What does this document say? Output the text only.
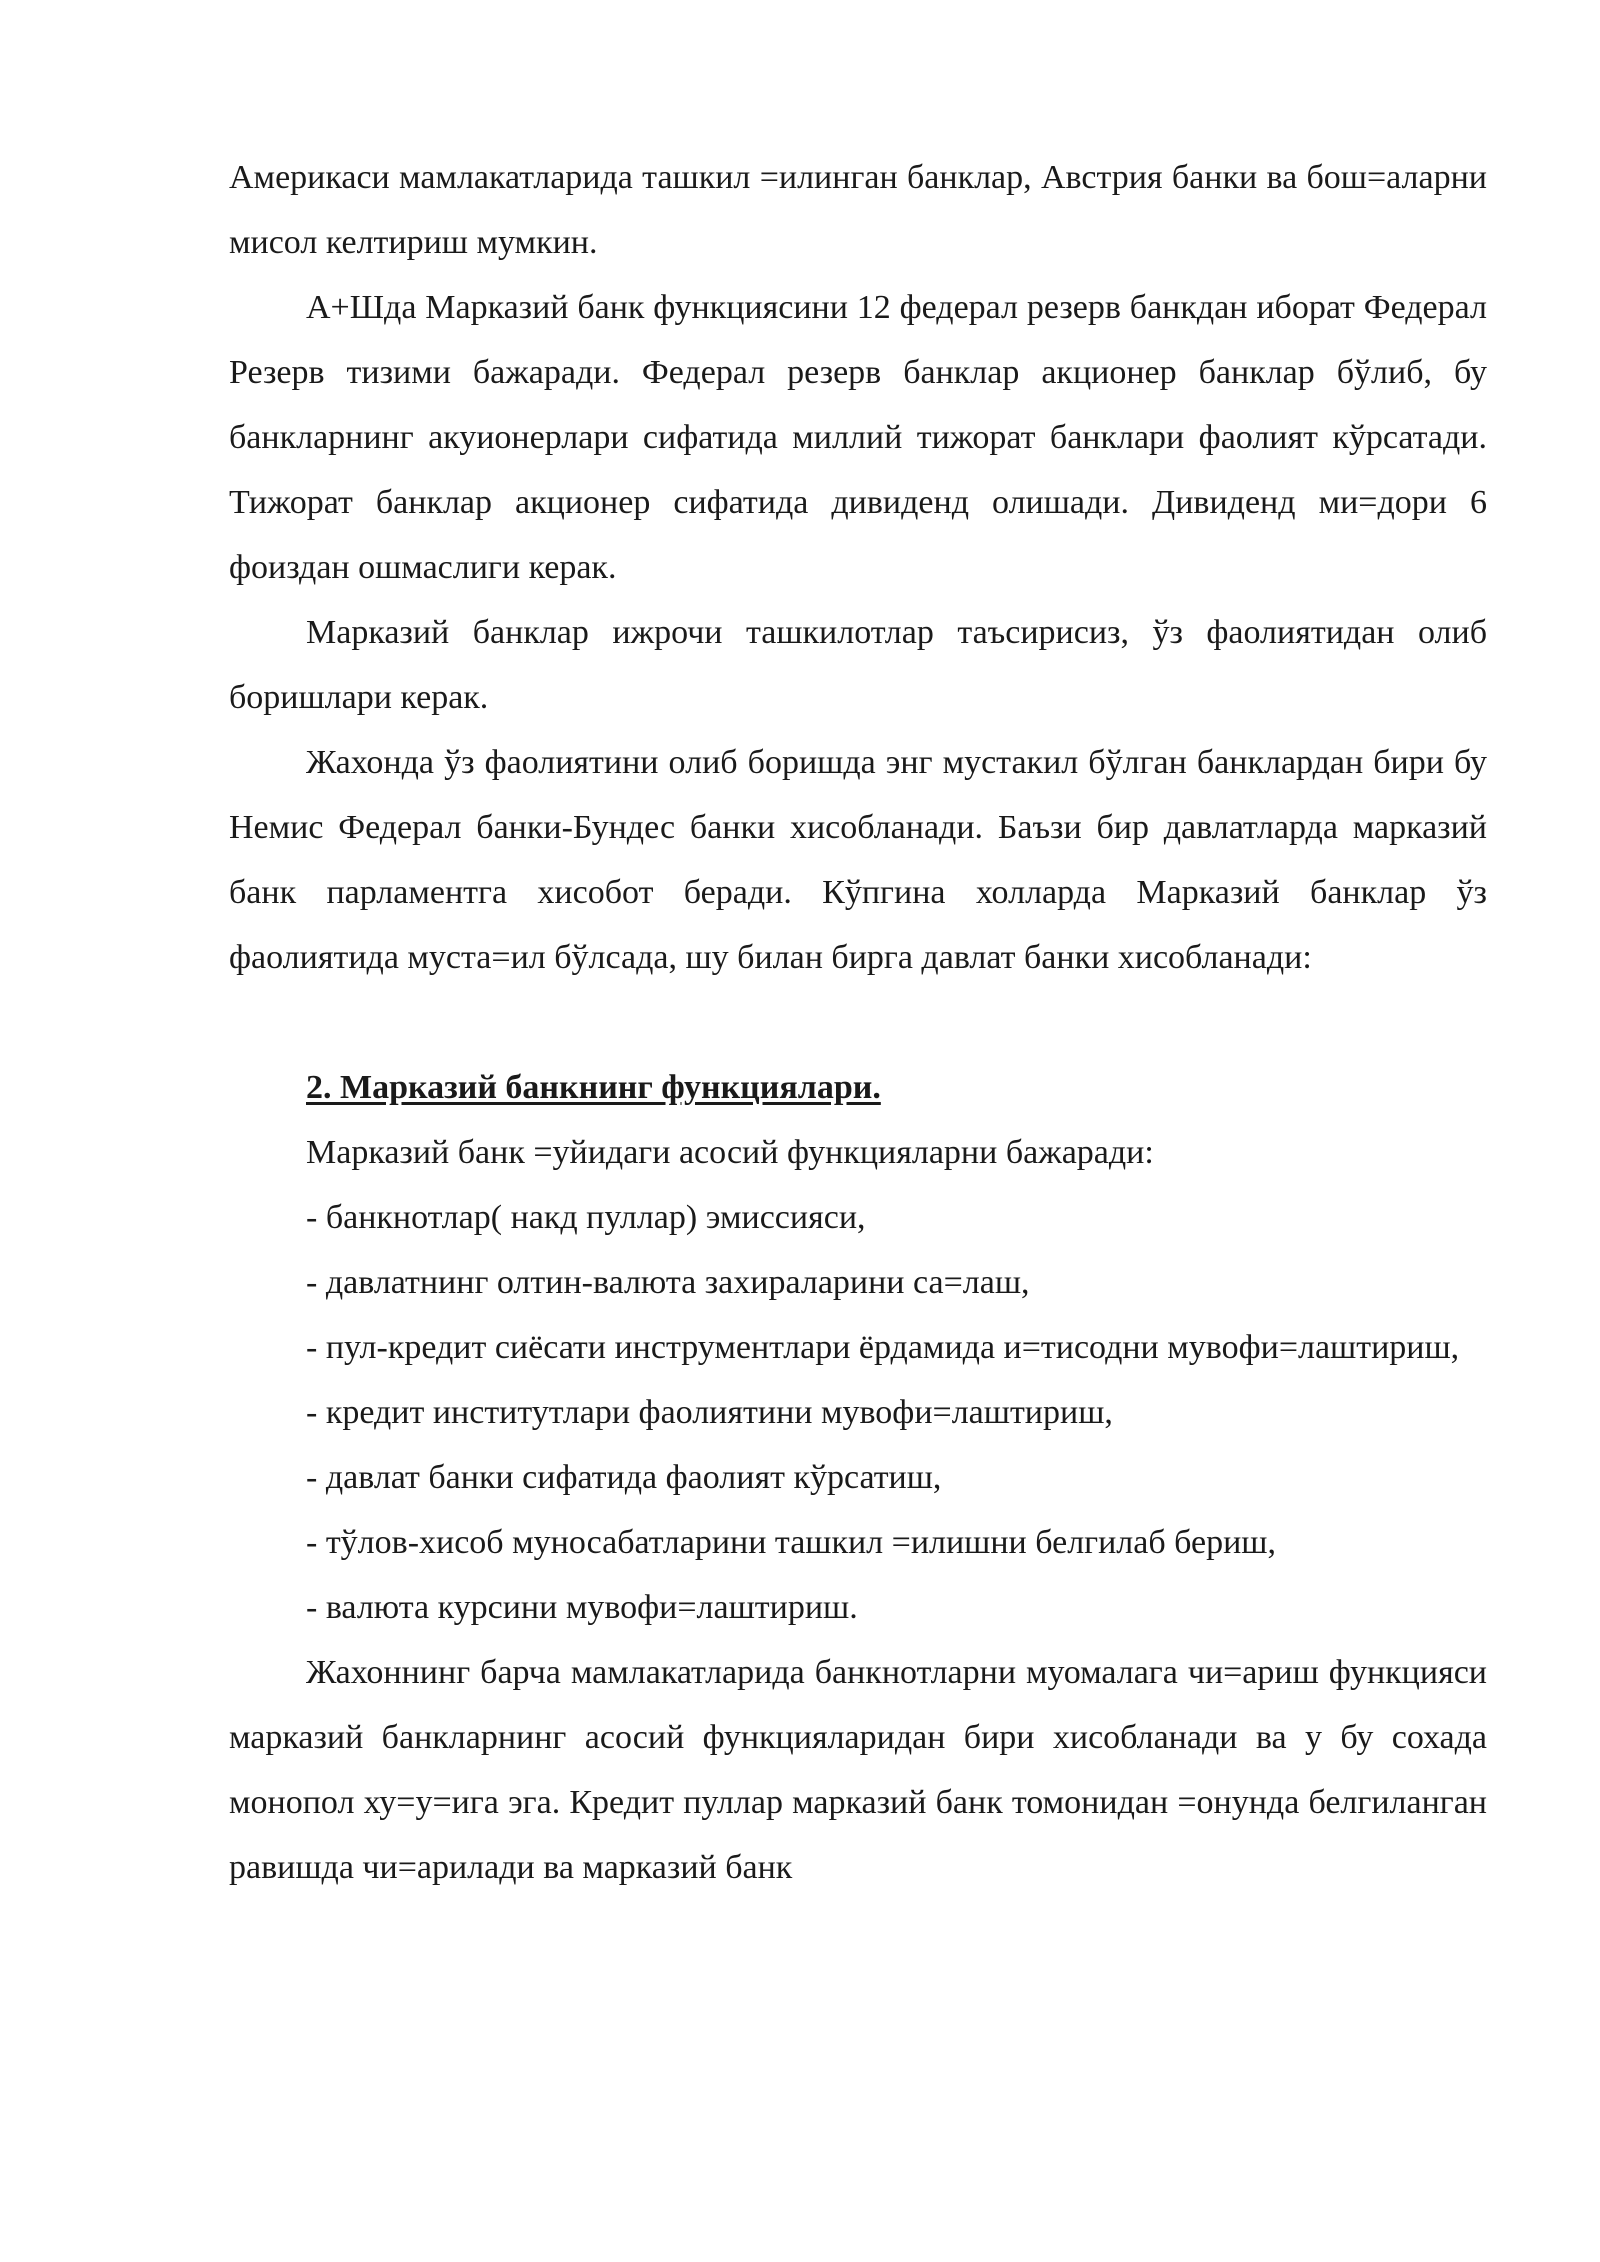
Америкаси мамлакатларида ташкил =илинган банклар, Австрия банки ва бош=аларни мисол келтириш мумкин.

А+Шда Марказий банк функциясини 12 федерал резерв банкдан иборат Федерал Резерв тизими бажаради. Федерал резерв банклар акционер банклар бўлиб, бу банкларнинг акуионерлари сифатида миллий тижорат банклари фаолият кўрсатади. Тижорат банклар акционер сифатида дивиденд олишади. Дивиденд ми=дори 6 фоиздан ошмаслиги керак.

Марказий банклар ижрочи ташкилотлар таъсирисиз, ўз фаолиятидан олиб боришлари керак.

Жахонда ўз фаолиятини олиб боришда энг мустакил бўлган банклардан бири бу Немис Федерал банки-Бундес банки хисобланади. Баъзи бир давлатларда марказий банк парламентга хисобот беради. Кўпгина холларда Марказий банклар ўз фаолиятида муста=ил бўлсада, шу билан бирга давлат банки хисобланади:

2. Марказий банкнинг функциялари.

Марказий банк =уйидаги асосий функцияларни бажаради:

- банкнотлар( накд пуллар) эмиссияси,

- давлатнинг олтин-валюта захираларини са=лаш,

- пул-кредит сиёсати инструментлари ёрдамида и=тисодни мувофи=лаштириш,

- кредит институтлари фаолиятини мувофи=лаштириш,

- давлат банки сифатида фаолият кўрсатиш,

- тўлов-хисоб муносабатларини ташкил =илишни белгилаб бериш,

- валюта курсини мувофи=лаштириш.

Жахоннинг барча мамлакатларида банкнотларни муомалага чи=ариш функцияси марказий банкларнинг асосий функцияларидан бири хисобланади ва у бу сохада монопол ху=у=ига эга. Кредит пуллар марказий банк томонидан =онунда белгиланган равишда чи=арилади ва марказий банк
